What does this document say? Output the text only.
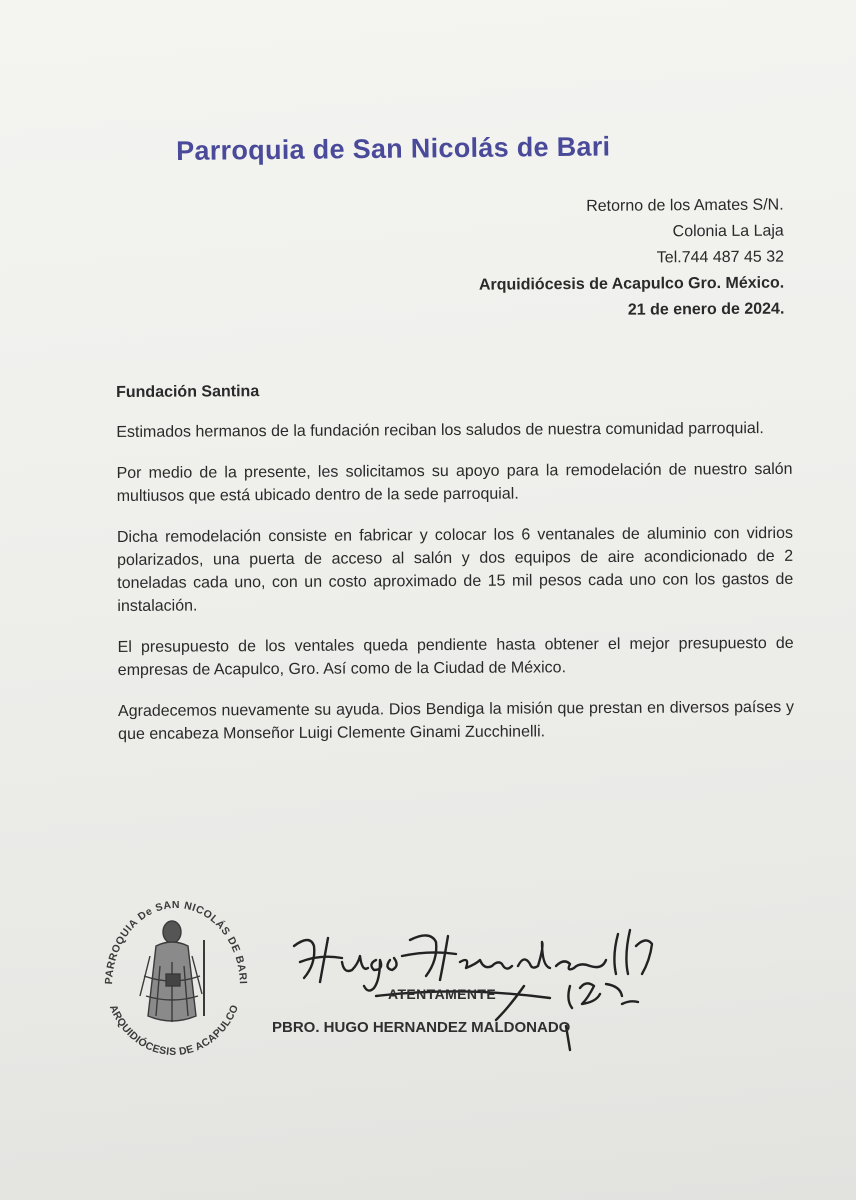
Parroquia de San Nicolás de Bari
Retorno de los Amates S/N.
Colonia La Laja
Tel.744 487 45 32
Arquidiócesis de Acapulco Gro. México.
21 de enero de 2024.

Fundación Santina

Estimados hermanos de la fundación reciban los saludos de nuestra comunidad parroquial.

Por medio de la presente, les solicitamos su apoyo para la remodelación de nuestro salón multiusos que está ubicado dentro de la sede parroquial.

Dicha remodelación consiste en fabricar y colocar los 6 ventanales de aluminio con vidrios polarizados, una puerta de acceso al salón y dos equipos de aire acondicionado de 2 toneladas cada uno, con un costo aproximado de 15 mil pesos cada uno con los gastos de instalación.

El presupuesto de los ventales queda pendiente hasta obtener el mejor presupuesto de empresas de Acapulco, Gro. Así como de la Ciudad de México.

Agradecemos nuevamente su ayuda. Dios Bendiga la misión que prestan en diversos países y que encabeza Monseñor Luigi Clemente Ginami Zucchinelli.

PARROQUIA De SAN NICOLÁS DE BARI
ARQUIDIÓCESIS DE ACAPULCO
ATENTAMENTE
PBRO. HUGO HERNANDEZ MALDONADO
